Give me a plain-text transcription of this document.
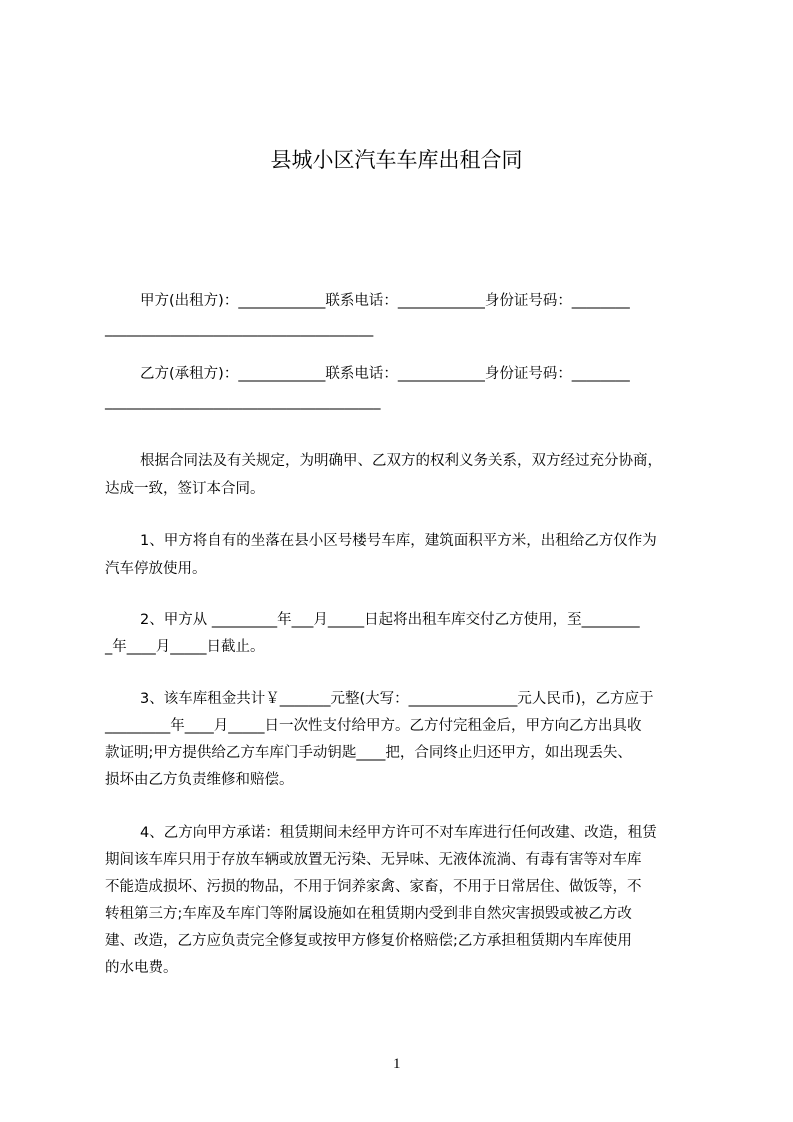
县城小区汽车车库出租合同
甲方(出租方)：____________联系电话：____________身份证号码：________
_____________________________________
乙方(承租方)：____________联系电话：____________身份证号码：________
______________________________________
根据合同法及有关规定，为明确甲、乙双方的权利义务关系，双方经过充分协商，
达成一致，签订本合同。
1、甲方将自有的坐落在县小区号楼号车库，建筑面积平方米，出租给乙方仅作为
汽车停放使用。
2、甲方从 _________年___月_____日起将出租车库交付乙方使用，至________
_年____月_____日截止。
3、该车库租金共计￥_______元整(大写：_______________元人民币)，乙方应于
_________年____月_____日一次性支付给甲方。乙方付完租金后，甲方向乙方出具收
款证明;甲方提供给乙方车库门手动钥匙____把，合同终止归还甲方，如出现丢失、
损坏由乙方负责维修和赔偿。
4、乙方向甲方承诺：租赁期间未经甲方许可不对车库进行任何改建、改造，租赁
期间该车库只用于存放车辆或放置无污染、无异味、无液体流淌、有毒有害等对车库
不能造成损坏、污损的物品，不用于饲养家禽、家畜，不用于日常居住、做饭等，不
转租第三方;车库及车库门等附属设施如在租赁期内受到非自然灾害损毁或被乙方改
建、改造，乙方应负责完全修复或按甲方修复价格赔偿;乙方承担租赁期内车库使用
的水电费。
1
